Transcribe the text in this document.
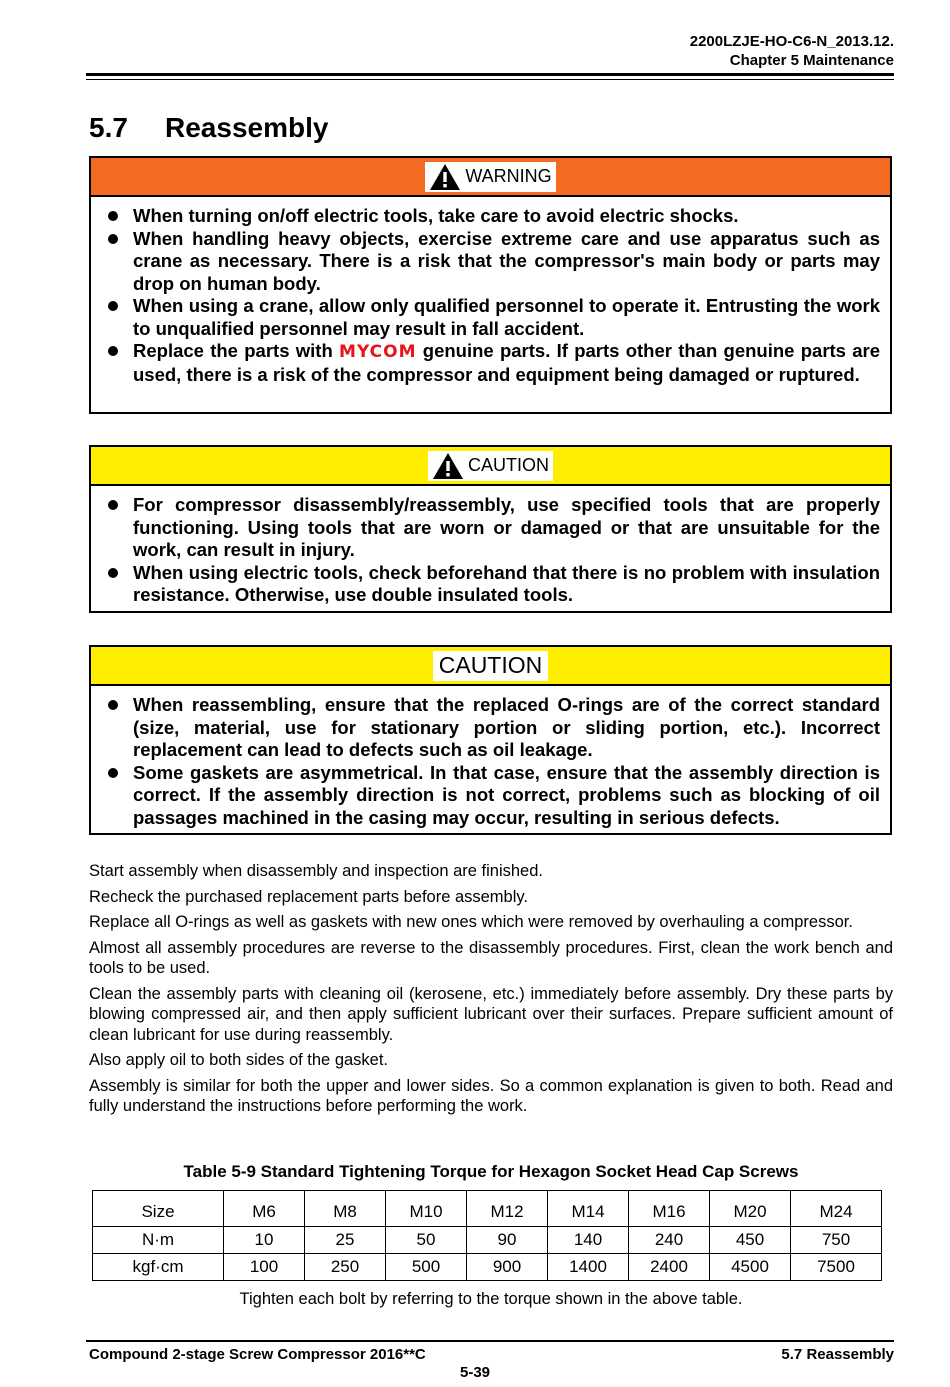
2200LZJE-HO-C6-N_2013.12.
Chapter 5 Maintenance
5.7 Reassembly
WARNING
When turning on/off electric tools, take care to avoid electric shocks.
When handling heavy objects, exercise extreme care and use apparatus such as crane as necessary. There is a risk that the compressor's main body or parts may drop on human body.
When using a crane, allow only qualified personnel to operate it. Entrusting the work to unqualified personnel may result in fall accident.
Replace the parts with MYCOM genuine parts. If parts other than genuine parts are used, there is a risk of the compressor and equipment being damaged or ruptured.
CAUTION
For compressor disassembly/reassembly, use specified tools that are properly functioning. Using tools that are worn or damaged or that are unsuitable for the work, can result in injury.
When using electric tools, check beforehand that there is no problem with insulation resistance. Otherwise, use double insulated tools.
CAUTION
When reassembling, ensure that the replaced O-rings are of the correct standard (size, material, use for stationary portion or sliding portion, etc.). Incorrect replacement can lead to defects such as oil leakage.
Some gaskets are asymmetrical. In that case, ensure that the assembly direction is correct. If the assembly direction is not correct, problems such as blocking of oil passages machined in the casing may occur, resulting in serious defects.

Start assembly when disassembly and inspection are finished.

Recheck the purchased replacement parts before assembly.

Replace all O-rings as well as gaskets with new ones which were removed by overhauling a compressor.

Almost all assembly procedures are reverse to the disassembly procedures. First, clean the work bench and tools to be used.

Clean the assembly parts with cleaning oil (kerosene, etc.) immediately before assembly. Dry these parts by blowing compressed air, and then apply sufficient lubricant over their surfaces. Prepare sufficient amount of clean lubricant for use during reassembly.

Also apply oil to both sides of the gasket.

Assembly is similar for both the upper and lower sides. So a common explanation is given to both. Read and fully understand the instructions before performing the work.

Table 5-9 Standard Tightening Torque for Hexagon Socket Head Cap Screws
Size	M6	M8	M10	M12	M14	M16	M20	M24
N·m	10	25	50	90	140	240	450	750
kgf·cm	100	250	500	900	1400	2400	4500	7500
Tighten each bolt by referring to the torque shown in the above table.
Compound 2-stage Screw Compressor 2016**C	5.7 Reassembly
5-39
